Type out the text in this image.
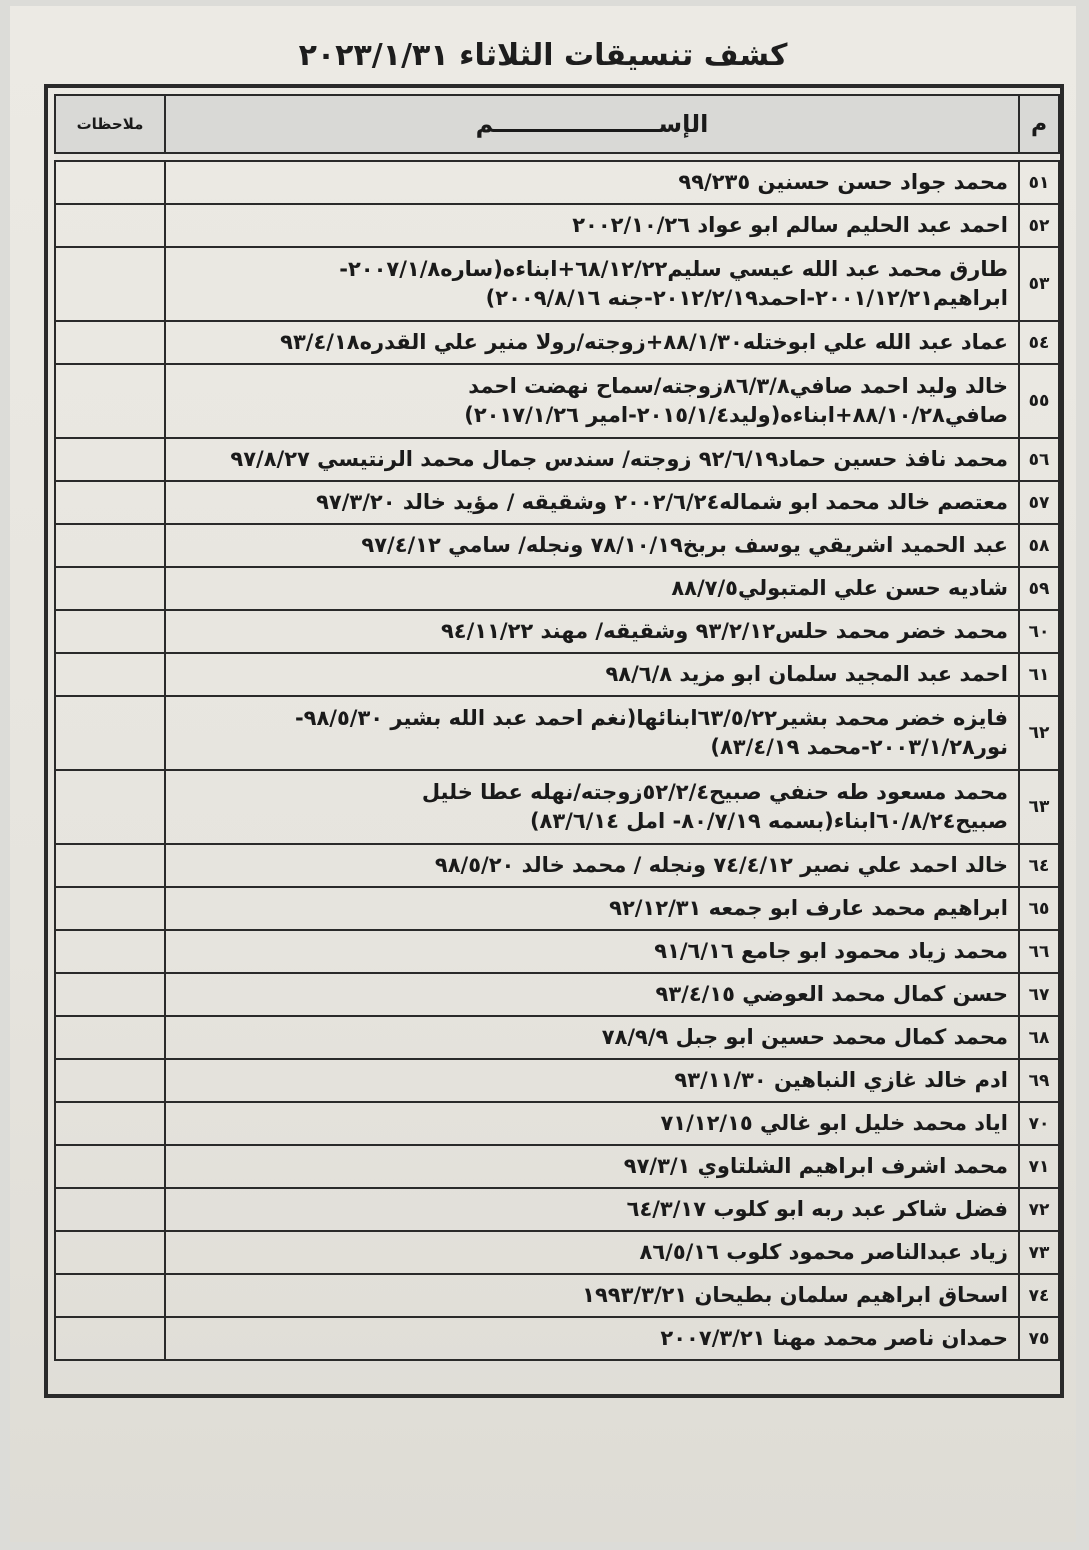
كشف تنسيقات الثلاثاء ٢٠٢٣/١/٣١
م	الإســــــــــــــــــــم	ملاحظات

٥١	محمد جواد حسن حسنين ٩٩/٢٣٥	

٥٢	احمد عبد الحليم سالم ابو عواد ٢٠٠٢/١٠/٢٦	

٥٣	طارق محمد عبد الله عيسي سليم٦٨/١٢/٢٢+ابناءه(ساره٢٠٠٧/١/٨-
ابراهيم٢٠٠١/١٢/٢١-احمد٢٠١٢/٢/١٩-جنه ٢٠٠٩/٨/١٦)	

٥٤	عماد عبد الله علي ابوختله٨٨/١/٣٠+زوجته/رولا منير علي القدره٩٣/٤/١٨	

٥٥	خالد وليد احمد صافي٨٦/٣/٨زوجته/سماح نهضت احمد
صافي٨٨/١٠/٢٨+ابناءه(وليد٢٠١٥/١/٤-امير ٢٠١٧/١/٢٦)	

٥٦	محمد نافذ حسين حماد٩٢/٦/١٩ زوجته/ سندس جمال محمد الرنتيسي ٩٧/٨/٢٧	

٥٧	معتصم خالد محمد ابو شماله٢٠٠٢/٦/٢٤ وشقيقه / مؤيد خالد ٩٧/٣/٢٠	

٥٨	عبد الحميد اشريقي يوسف بربخ٧٨/١٠/١٩ ونجله/ سامي ٩٧/٤/١٢	

٥٩	شاديه حسن علي المتبولي٨٨/٧/٥	

٦٠	محمد خضر محمد حلس٩٣/٢/١٢ وشقيقه/ مهند ٩٤/١١/٢٢	

٦١	احمد عبد المجيد سلمان ابو مزيد ٩٨/٦/٨	

٦٢	فايزه خضر محمد بشير٦٣/٥/٢٢ابنائها(نغم احمد عبد الله بشير ٩٨/٥/٣٠-
نور٢٠٠٣/١/٢٨-محمد ٨٣/٤/١٩)	

٦٣	محمد مسعود طه حنفي صبيح٥٢/٢/٤زوجته/نهله عطا خليل
صبيح٦٠/٨/٢٤ابناء(بسمه ٨٠/٧/١٩- امل ٨٣/٦/١٤)	

٦٤	خالد احمد علي نصير ٧٤/٤/١٢ ونجله / محمد خالد ٩٨/٥/٢٠	

٦٥	ابراهيم محمد عارف ابو جمعه ٩٢/١٢/٣١	

٦٦	محمد زياد محمود ابو جامع ٩١/٦/١٦	

٦٧	حسن كمال محمد العوضي ٩٣/٤/١٥	

٦٨	محمد كمال محمد حسين ابو جبل ٧٨/٩/٩	

٦٩	ادم خالد غازي النباهين ٩٣/١١/٣٠	

٧٠	اياد محمد خليل ابو غالي ٧١/١٢/١٥	

٧١	محمد اشرف ابراهيم الشلتاوي ٩٧/٣/١	

٧٢	فضل شاكر عبد ربه ابو كلوب ٦٤/٣/١٧	

٧٣	زياد عبدالناصر محمود كلوب ٨٦/٥/١٦	

٧٤	اسحاق ابراهيم سلمان بطيحان ١٩٩٣/٣/٢١	

٧٥	حمدان ناصر محمد مهنا ٢٠٠٧/٣/٢١	
